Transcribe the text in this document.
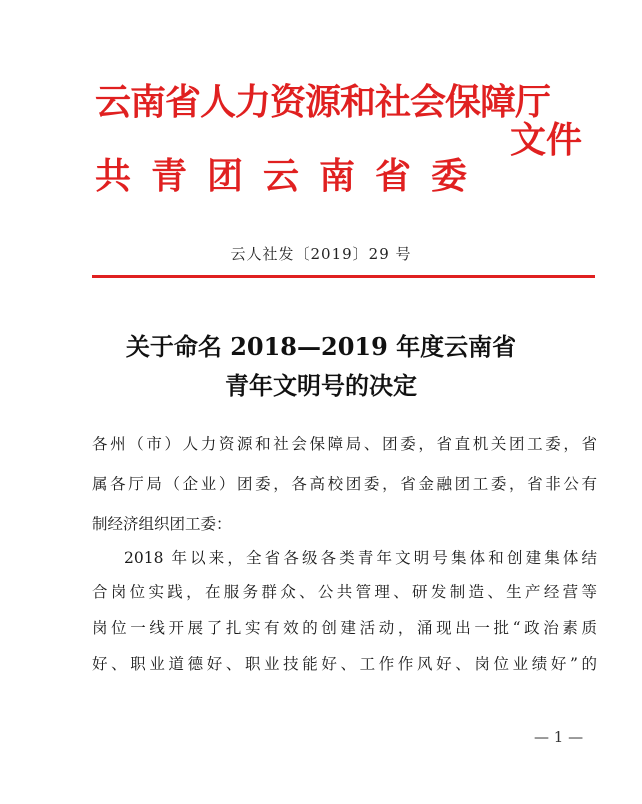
云南省人力资源和社会保障厅
共青团云南省委
文件
云人社发〔2019〕29 号
关于命名 2018—2019 年度云南省
青年文明号的决定
各州（市）人力资源和社会保障局、团委，省直机关团工委，省
属各厅局（企业）团委，各高校团委，省金融团工委，省非公有
制经济组织团工委：
2018 年以来，全省各级各类青年文明号集体和创建集体结
合岗位实践，在服务群众、公共管理、研发制造、生产经营等
岗位一线开展了扎实有效的创建活动，涌现出一批“政治素质
好、职业道德好、职业技能好、工作作风好、岗位业绩好”的
— 1 —
